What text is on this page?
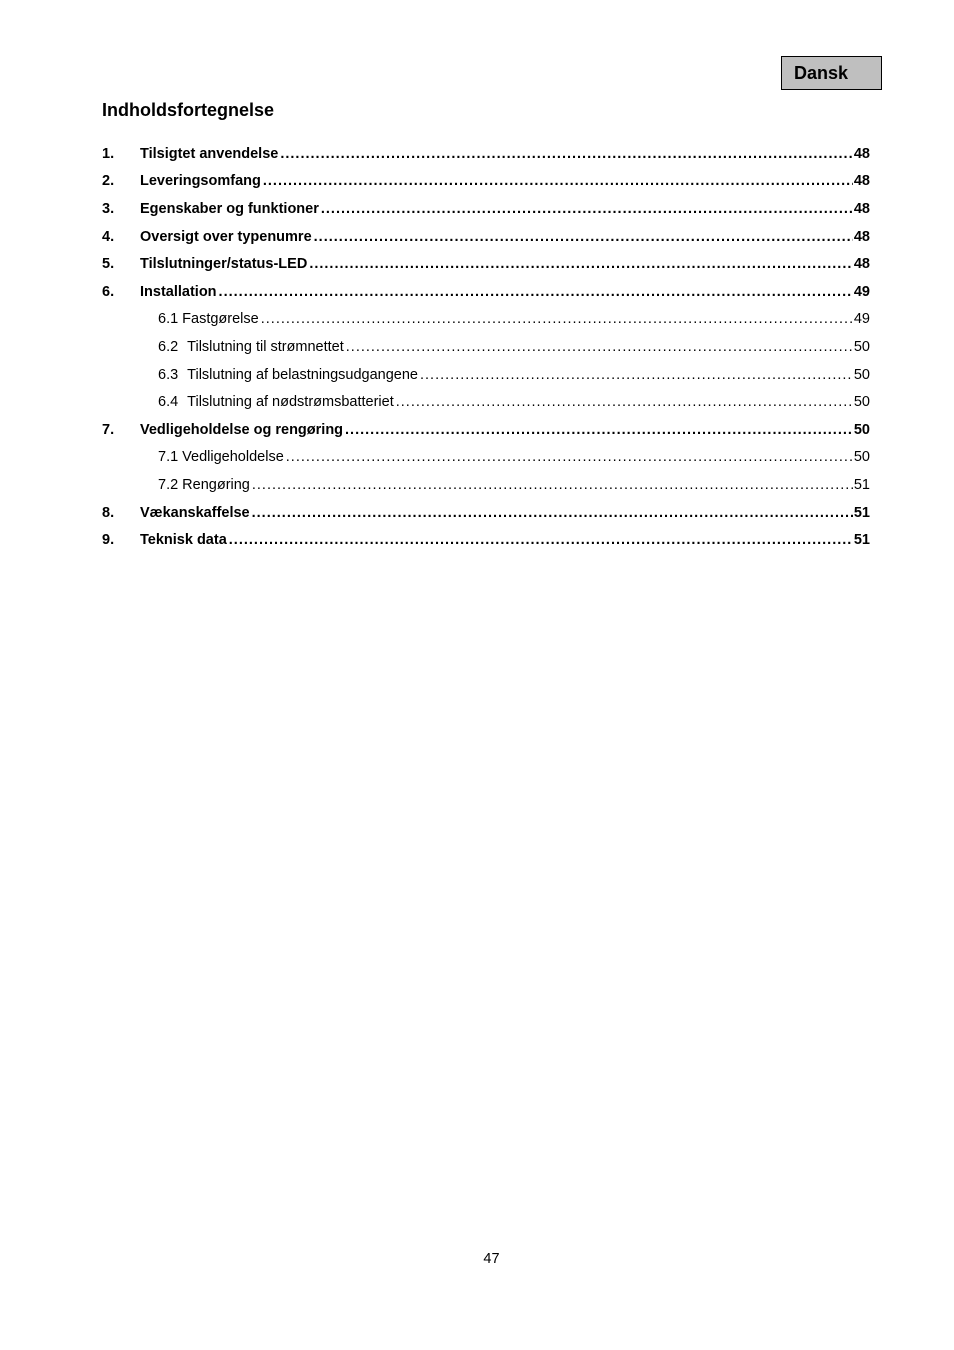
Dansk
Indholdsfortegnelse
1.	Tilsigtet anvendelse .....	48
2.	Leveringsomfang .....	48
3.	Egenskaber og funktioner .....	48
4.	Oversigt over typenumre .....	48
5.	Tilslutninger/status-LED .....	48
6.	Installation .....	49
6.1 Fastgørelse .....	49
6.2 Tilslutning til strømnettet .....	50
6.3 Tilslutning af belastningsudgangene .....	50
6.4 Tilslutning af nødstrømsbatteriet .....	50
7.	Vedligeholdelse og rengøring .....	50
7.1 Vedligeholdelse .....	50
7.2 Rengøring .....	51
8.	Vækanskaffelse .....	51
9.	Teknisk data .....	51
47
